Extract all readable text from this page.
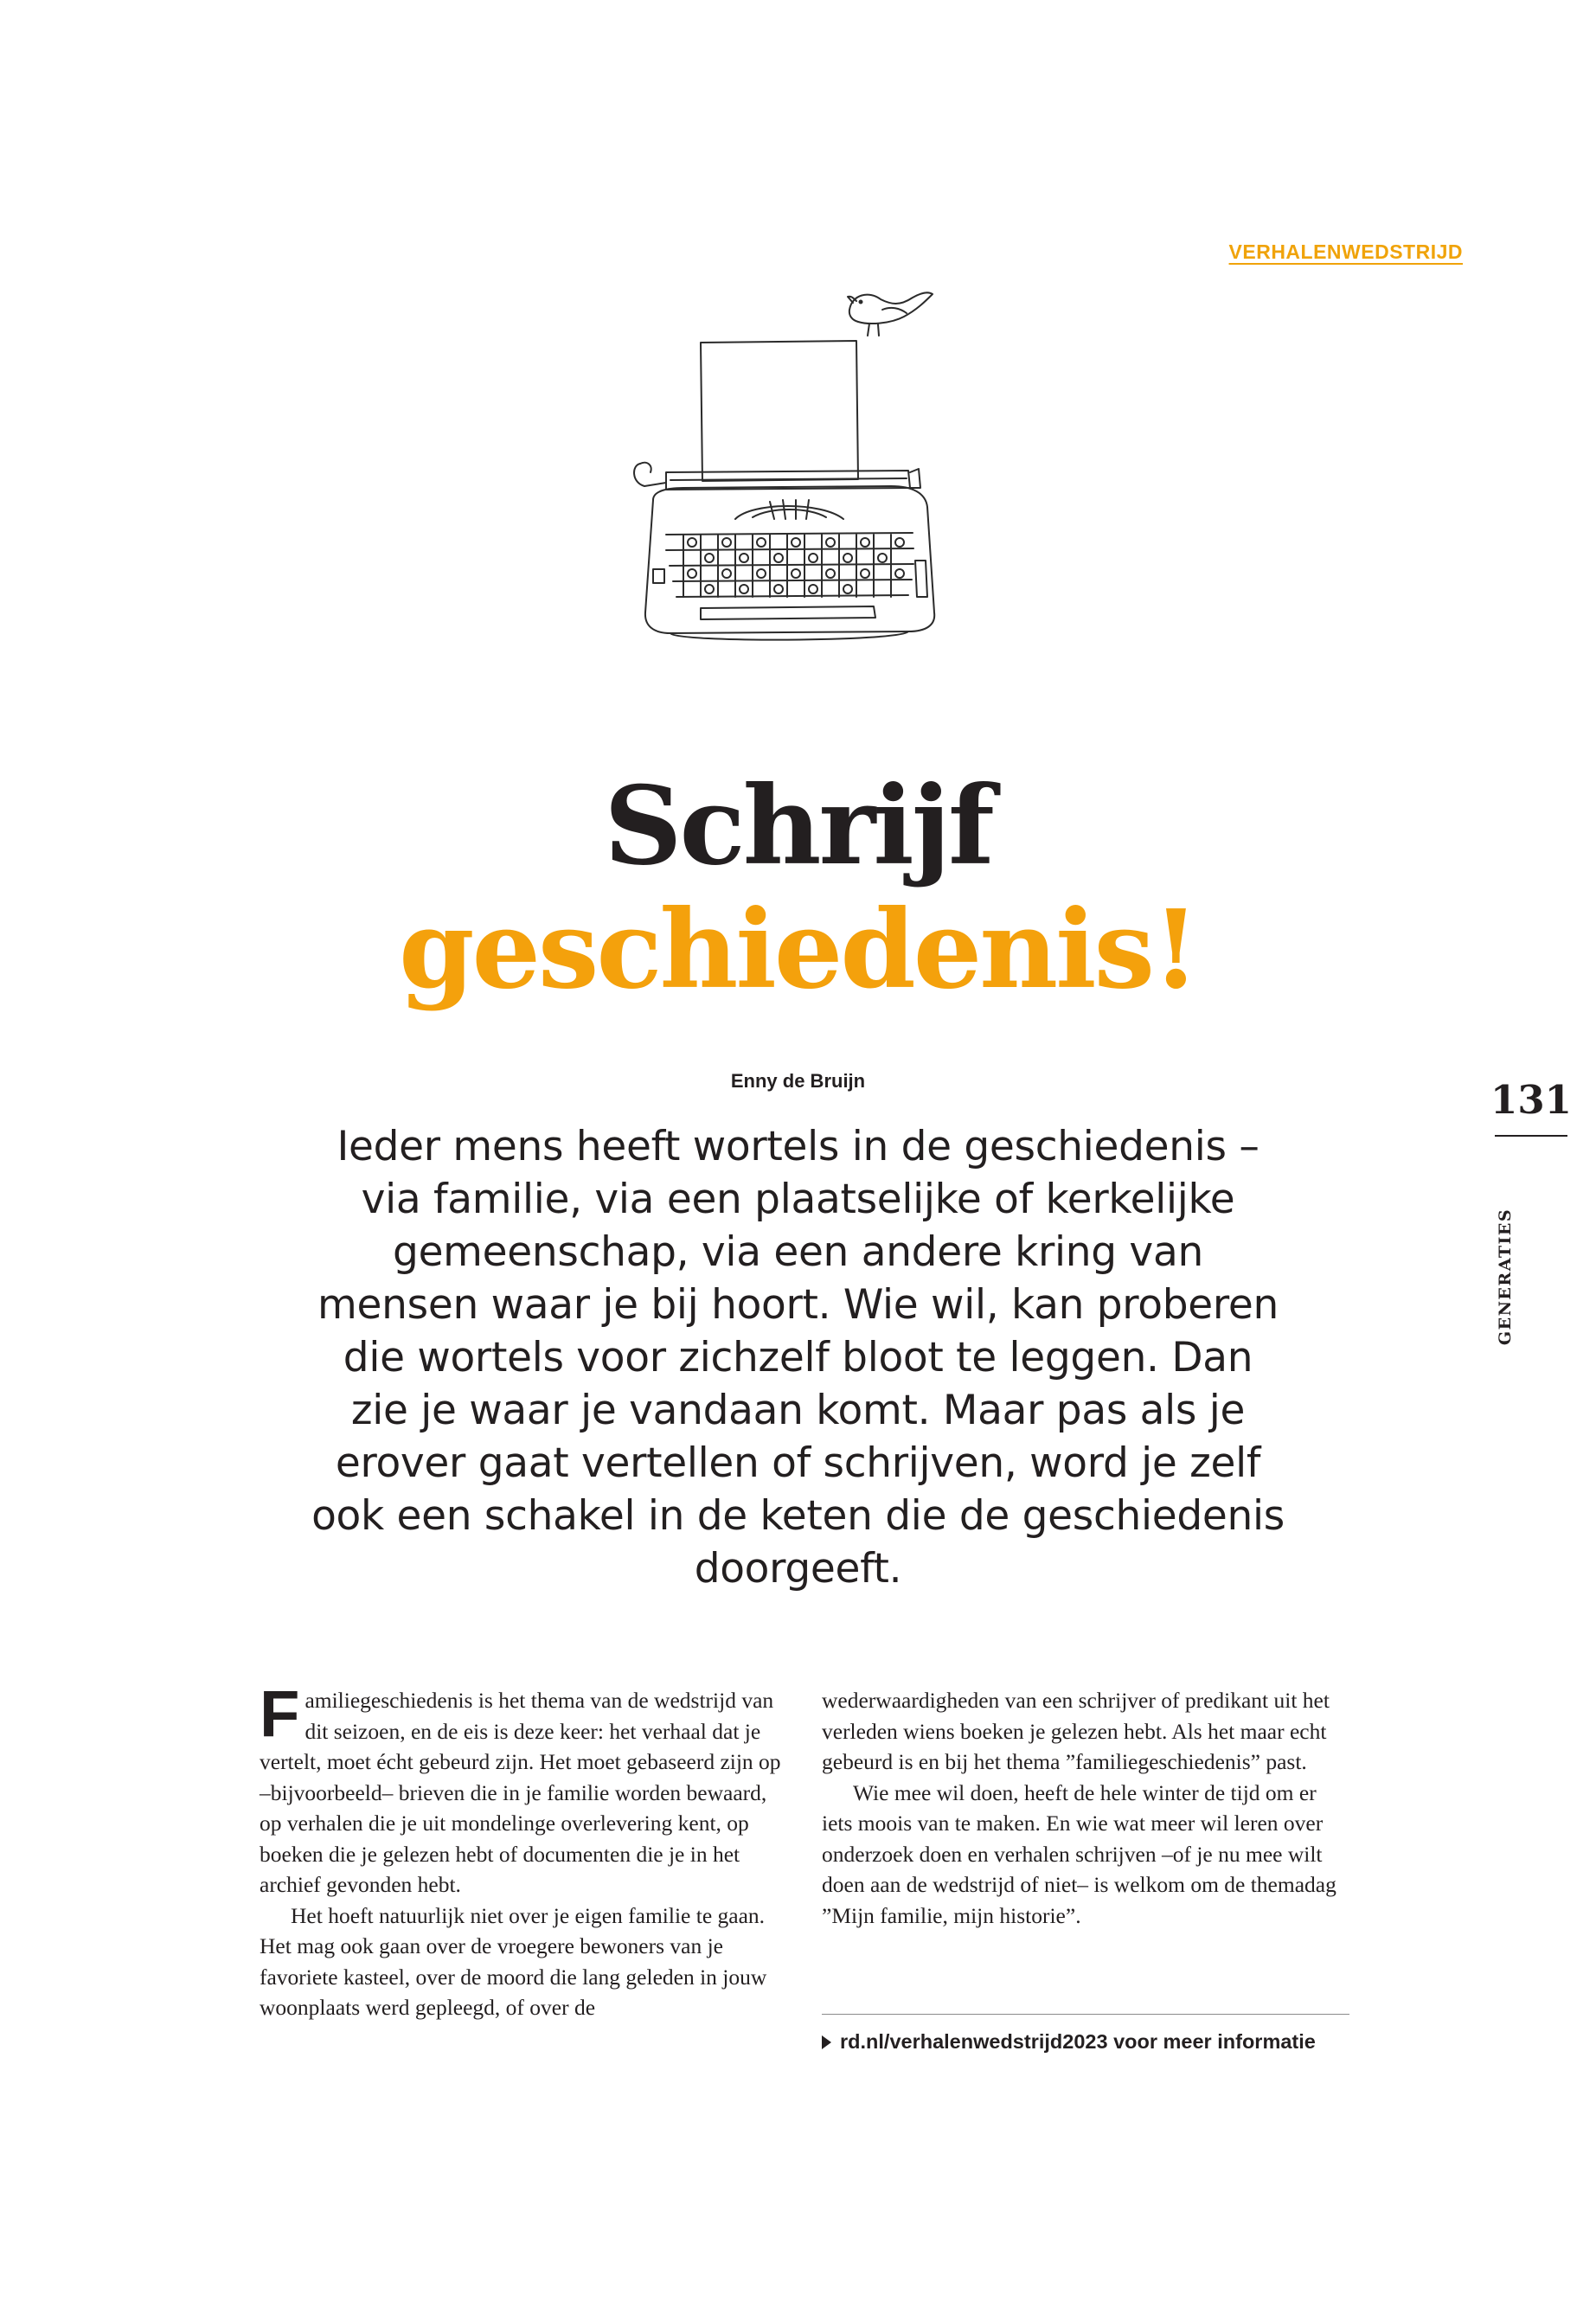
VERHALENWEDSTRIJD
Schrijf
geschiedenis!
Enny de Bruijn
Ieder mens heeft wortels in de geschiedenis – via familie, via een plaatselijke of kerkelijke gemeenschap, via een andere kring van mensen waar je bij hoort. Wie wil, kan proberen die wortels voor zichzelf bloot te leggen. Dan zie je waar je vandaan komt. Maar pas als je erover gaat vertellen of schrijven, word je zelf ook een schakel in de keten die de geschiedenis doorgeeft.
131
GENERATIES

Familiegeschiedenis is het thema van de wedstrijd van dit seizoen, en de eis is deze keer: het verhaal dat je vertelt, moet écht gebeurd zijn. Het moet gebaseerd zijn op –bijvoorbeeld– brieven die in je familie worden bewaard, op verhalen die je uit mondelinge overlevering kent, op boeken die je gelezen hebt of documenten die je in het archief gevonden hebt.

Het hoeft natuurlijk niet over je eigen familie te gaan. Het mag ook gaan over de vroegere bewoners van je favoriete kasteel, over de moord die lang geleden in jouw woonplaats werd gepleegd, of over de

wederwaardigheden van een schrijver of predikant uit het verleden wiens boeken je gelezen hebt. Als het maar echt gebeurd is en bij het thema ”familiegeschiedenis” past.

Wie mee wil doen, heeft de hele winter de tijd om er iets moois van te maken. En wie wat meer wil leren over onderzoek doen en verhalen schrijven –of je nu mee wilt doen aan de wedstrijd of niet– is welkom om de themadag ”Mijn familie, mijn historie”.

rd.nl/verhalenwedstrijd2023 voor meer informatie
